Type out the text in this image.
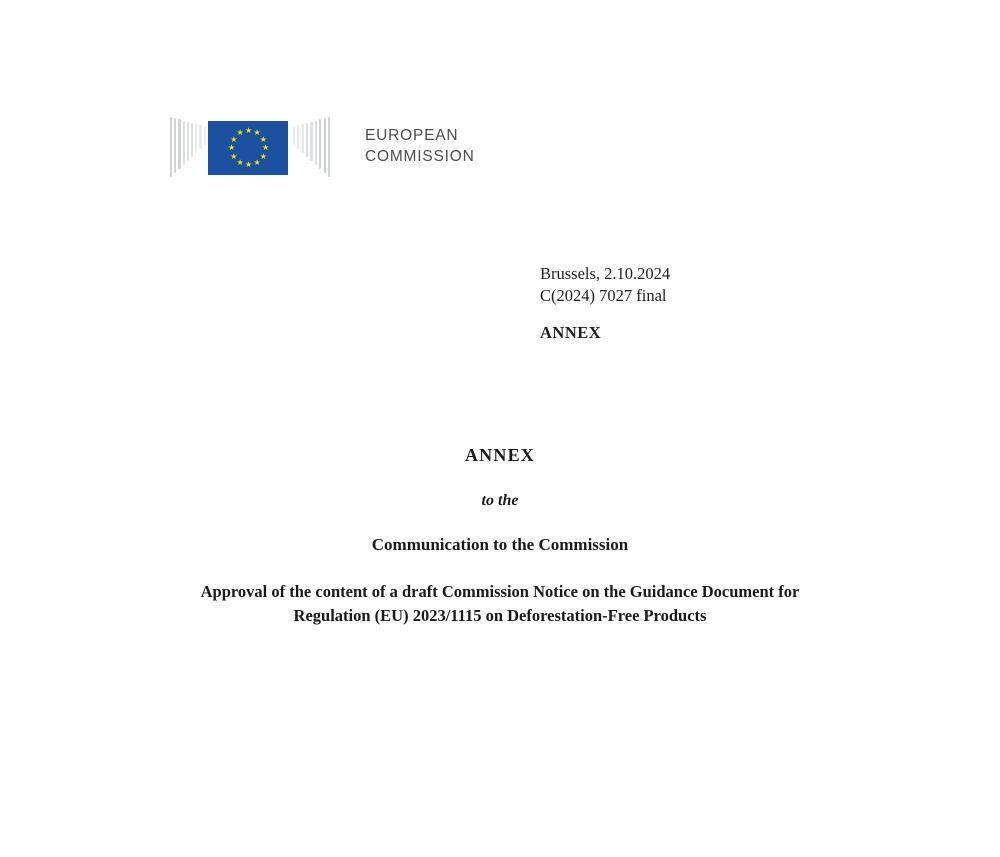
★ ★
★
★
★
★
★
★
★
★
★
★	EUROPEAN
COMMISSION
Brussels, 2.10.2024
C(2024) 7027 final
ANNEX
ANNEX
to the
Communication to the Commission
Approval of the content of a draft Commission Notice on the Guidance Document for Regulation (EU) 2023/1115 on Deforestation-Free Products
